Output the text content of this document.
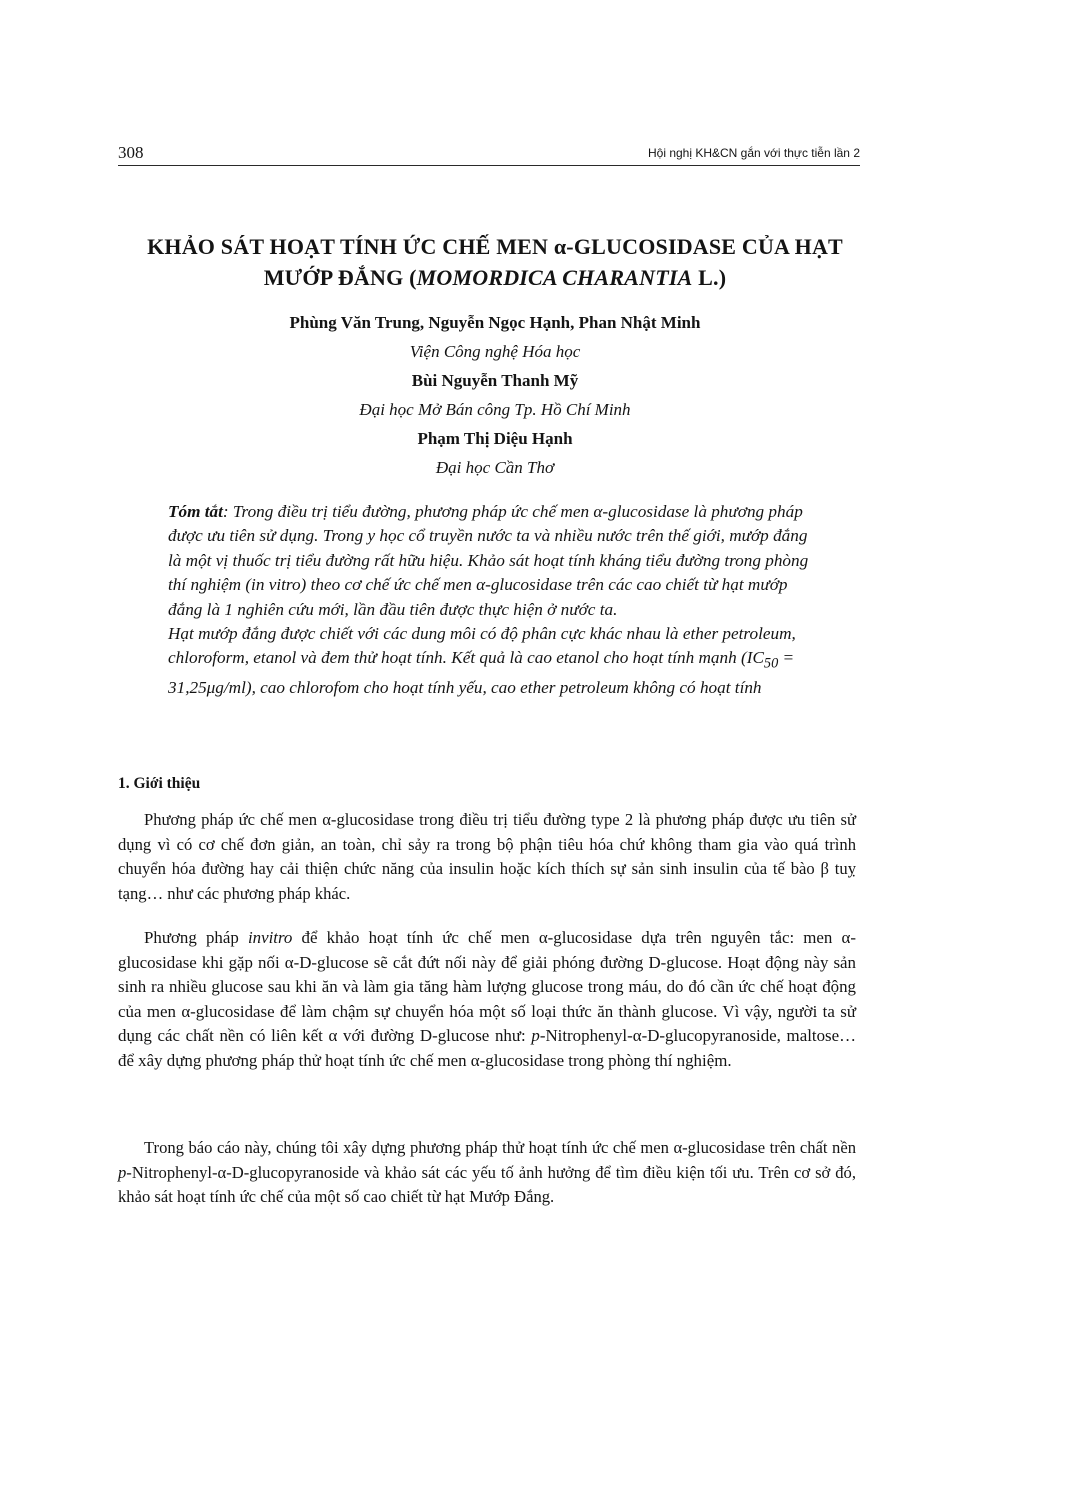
308	Hội nghị KH&CN gắn với thực tiễn lần 2
KHẢO SÁT HOẠT TÍNH ỨC CHẾ MEN α-GLUCOSIDASE CỦA HẠT MƯỚP ĐẮNG (MOMORDICA CHARANTIA L.)
Phùng Văn Trung, Nguyễn Ngọc Hạnh, Phan Nhật Minh
Viện Công nghệ Hóa học
Bùi Nguyễn Thanh Mỹ
Đại học Mở Bán công Tp. Hồ Chí Minh
Phạm Thị Diệu Hạnh
Đại học Cần Thơ

Tóm tắt: Trong điều trị tiểu đường, phương pháp ức chế men α-glucosidase là phương pháp được ưu tiên sử dụng. Trong y học cổ truyền nước ta và nhiều nước trên thế giới, mướp đắng là một vị thuốc trị tiểu đường rất hữu hiệu. Khảo sát hoạt tính kháng tiểu đường trong phòng thí nghiệm (in vitro) theo cơ chế ức chế men α-glucosidase trên các cao chiết từ hạt mướp đắng là 1 nghiên cứu mới, lần đầu tiên được thực hiện ở nước ta.

Hạt mướp đắng được chiết với các dung môi có độ phân cực khác nhau là ether petroleum, chloroform, etanol và đem thử hoạt tính. Kết quả là cao etanol cho hoạt tính mạnh $(IC_{50} = 31,25\mu g/ml)$, cao chlorofom cho hoạt tính yếu, cao ether petroleum không có hoạt tính

1. Giới thiệu

Phương pháp ức chế men α-glucosidase trong điều trị tiểu đường type 2 là phương pháp được ưu tiên sử dụng vì có cơ chế đơn giản, an toàn, chỉ sảy ra trong bộ phận tiêu hóa chứ không tham gia vào quá trình chuyển hóa đường hay cải thiện chức năng của insulin hoặc kích thích sự sản sinh insulin của tế bào β tuỵ tạng… như các phương pháp khác.

Phương pháp invitro để khảo hoạt tính ức chế men α-glucosidase dựa trên nguyên tắc: men α-glucosidase khi gặp nối α-D-glucose sẽ cắt đứt nối này để giải phóng đường D-glucose. Hoạt động này sản sinh ra nhiều glucose sau khi ăn và làm gia tăng hàm lượng glucose trong máu, do đó cần ức chế hoạt động của men α-glucosidase để làm chậm sự chuyển hóa một số loại thức ăn thành glucose. Vì vậy, người ta sử dụng các chất nền có liên kết α với đường D-glucose như: p-Nitrophenyl-α-D-glucopyranoside, maltose… để xây dựng phương pháp thử hoạt tính ức chế men α-glucosidase trong phòng thí nghiệm.

Trong báo cáo này, chúng tôi xây dựng phương pháp thử hoạt tính ức chế men α-glucosidase trên chất nền p-Nitrophenyl-α-D-glucopyranoside và khảo sát các yếu tố ảnh hưởng để tìm điều kiện tối ưu. Trên cơ sở đó, khảo sát hoạt tính ức chế của một số cao chiết từ hạt Mướp Đắng.
